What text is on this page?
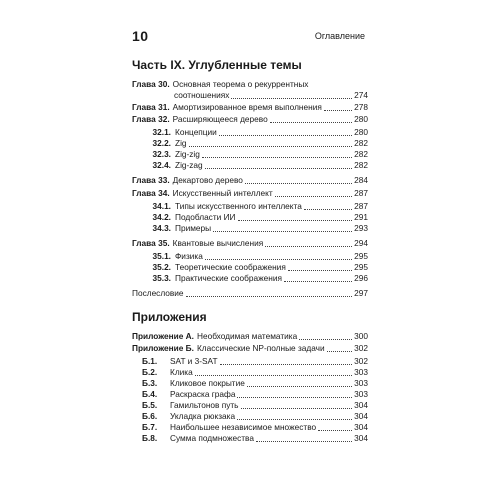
10	Оглавление
Часть IX. Углубленные темы
Глава 30. Основная теорема о рекуррентных
соотношениях	274
Глава 31. Амортизированное время выполнения	278
Глава 32. Расширяющееся дерево	280
32.1. Концепции	280
32.2. Zig	282
32.3. Zig-zig	282
32.4. Zig-zag	282
Глава 33. Декартово дерево	284
Глава 34. Искусственный интеллект	287
34.1. Типы искусственного интеллекта	287
34.2. Подобласти ИИ	291
34.3. Примеры	293
Глава 35. Квантовые вычисления	294
35.1. Физика	295
35.2. Теоретические соображения	295
35.3. Практические соображения	296
Послесловие	297
Приложения
Приложение А. Необходимая математика	300
Приложение Б. Классические NP-полные задачи	302
Б.1.	SAT и 3-SAT	302
Б.2.	Клика	303
Б.3.	Кликовое покрытие	303
Б.4.	Раскраска графа	303
Б.5.	Гамильтонов путь	304
Б.6.	Укладка рюкзака	304
Б.7.	Наибольшее независимое множество	304
Б.8.	Сумма подмножества	304
